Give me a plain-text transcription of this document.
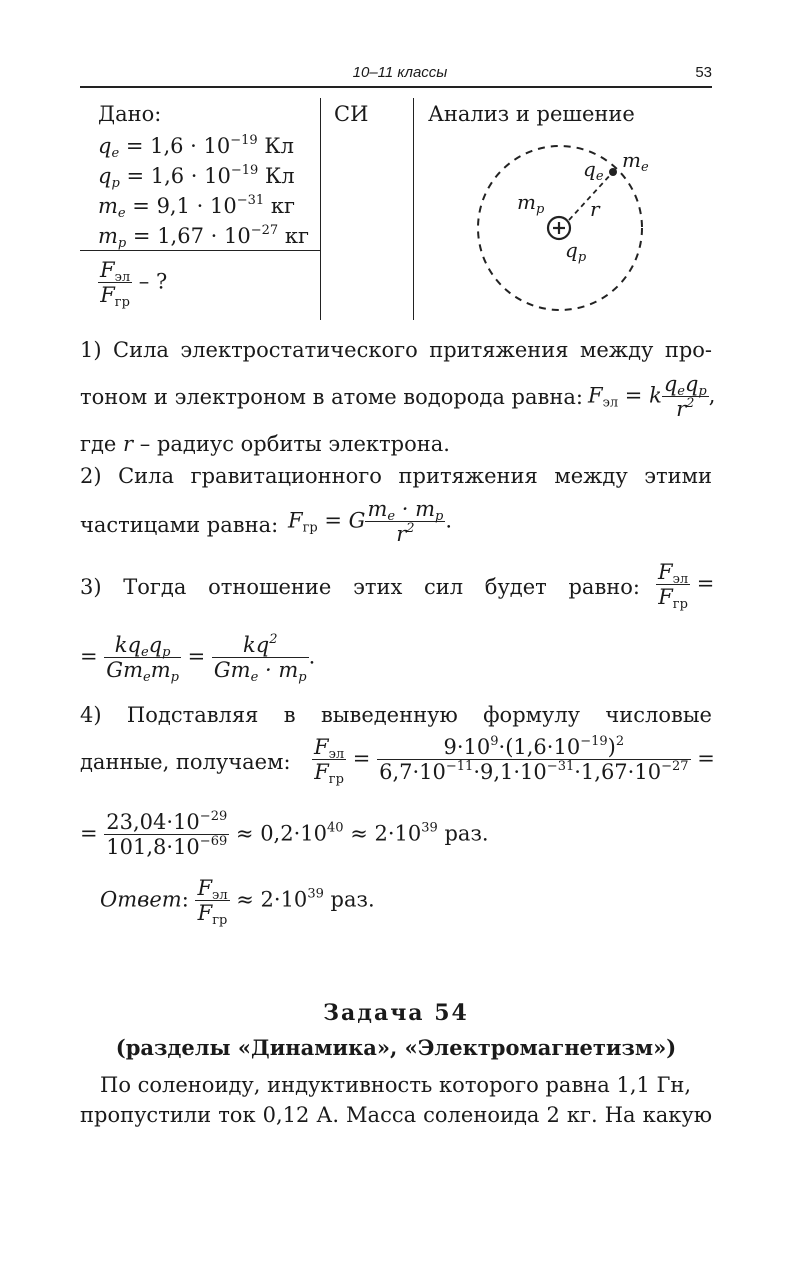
10–11 классы	53
Дано:
$q_e = 1,6 \cdot 10^{-19}$ Кл
$q_p = 1,6 \cdot 10^{-19}$ Кл
$m_e = 9,1 \cdot 10^{-31}$ кг
$m_p = 1,67 \cdot 10^{-27}$ кг
$\frac{F_{эл}}{F_{гр}}$ – ?
СИ	Анализ и решение
$q_e$
$m_e$
$m_p$ r
$q_p$
1) Сила электростатического притяжения между про-
тоном и электроном в атоме водорода равна: $F_{эл} = k \frac{q_eq_p}{r^2}$ ,
где r – радиус орбиты электрона.
2) Сила гравитационного притяжения между этими
частицами равна: $F_{гр} = G \frac{m_e \cdot m_p}{r^2}$ .
3) Тогда отношение этих сил будет равно: $\frac{F_{эл}}{F_{гр}}$ =
= $\frac{kq_eq_p}{Gm_em_p} = \frac{kq^2}{Gm_e \cdot m_p}$ .
4) Подставляя в выведенную формулу числовые
данные, получаем: $\frac{F_{эл}}{F_{гр}} = \frac{9\cdot 10^9\cdot(1,6\cdot 10^{-19})^2}{6,7\cdot 10^{-11}\cdot 9,1\cdot 10^{-31}\cdot 1,67\cdot 10^{-27}}$ =
= $\frac{23,04\cdot 10^{-29}}{101,8\cdot 10^{-69}} \approx 0,2\cdot 10^{40} \approx 2\cdot 10^{39}$ раз.
Ответ: $\frac{F_{эл}}{F_{гр}} \approx 2\cdot 10^{39}$ раз.
Задача 54
(разделы «Динамика», «Электромагнетизм»)
По соленоиду, индуктивность которого равна 1,1 Гн,
пропустили ток 0,12 А. Масса соленоида 2 кг. На какую
